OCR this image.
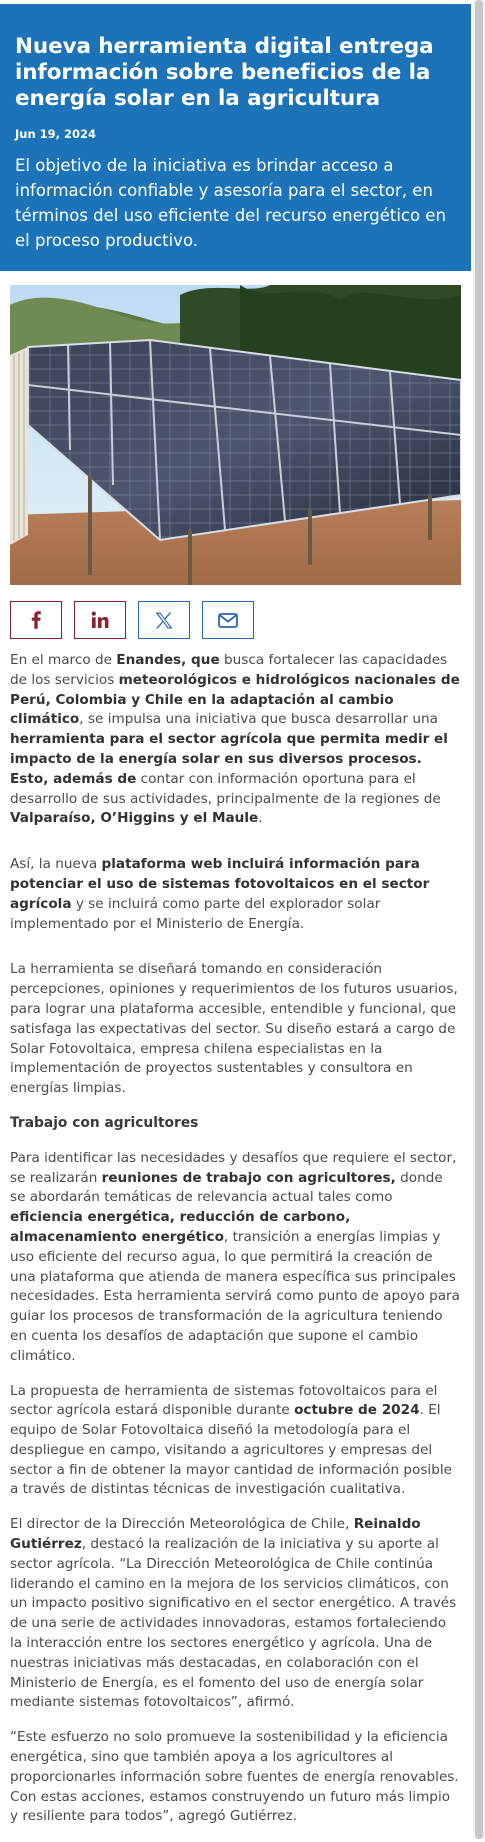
Nueva herramienta digital entrega información sobre beneficios de la energía solar en la agricultura
Jun 19, 2024
El objetivo de la iniciativa es brindar acceso a información confiable y asesoría para el sector, en términos del uso eficiente del recurso energético en el proceso productivo.

En el marco de Enandes, que busca fortalecer las capacidades de los servicios meteorológicos e hidrológicos nacionales de Perú, Colombia y Chile en la adaptación al cambio climático, se impulsa una iniciativa que busca desarrollar una herramienta para el sector agrícola que permita medir el impacto de la energía solar en sus diversos procesos. Esto, además de contar con información oportuna para el desarrollo de sus actividades, principalmente de la regiones de Valparaíso, O’Higgins y el Maule.

Así, la nueva plataforma web incluirá información para potenciar el uso de sistemas fotovoltaicos en el sector agrícola y se incluirá como parte del explorador solar implementado por el Ministerio de Energía.

La herramienta se diseñará tomando en consideración percepciones, opiniones y requerimientos de los futuros usuarios, para lograr una plataforma accesible, entendible y funcional, que satisfaga las expectativas del sector. Su diseño estará a cargo de Solar Fotovoltaica, empresa chilena especialistas en la implementación de proyectos sustentables y consultora en energías limpias.

Trabajo con agricultores

Para identificar las necesidades y desafíos que requiere el sector, se realizarán reuniones de trabajo con agricultores, donde se abordarán temáticas de relevancia actual tales como eficiencia energética, reducción de carbono, almacenamiento energético, transición a energías limpias y uso eficiente del recurso agua, lo que permitirá la creación de una plataforma que atienda de manera específica sus principales necesidades. Esta herramienta servirá como punto de apoyo para guiar los procesos de transformación de la agricultura teniendo en cuenta los desafíos de adaptación que supone el cambio climático.

La propuesta de herramienta de sistemas fotovoltaicos para el sector agrícola estará disponible durante octubre de 2024. El equipo de Solar Fotovoltaica diseñó la metodología para el despliegue en campo, visitando a agricultores y empresas del sector a fin de obtener la mayor cantidad de información posible a través de distintas técnicas de investigación cualitativa.

El director de la Dirección Meteorológica de Chile, Reinaldo Gutiérrez, destacó la realización de la iniciativa y su aporte al sector agrícola. “La Dirección Meteorológica de Chile continúa liderando el camino en la mejora de los servicios climáticos, con un impacto positivo significativo en el sector energético. A través de una serie de actividades innovadoras, estamos fortaleciendo la interacción entre los sectores energético y agrícola. Una de nuestras iniciativas más destacadas, en colaboración con el Ministerio de Energía, es el fomento del uso de energía solar mediante sistemas fotovoltaicos”, afirmó.

“Este esfuerzo no solo promueve la sostenibilidad y la eficiencia energética, sino que también apoya a los agricultores al proporcionarles información sobre fuentes de energía renovables. Con estas acciones, estamos construyendo un futuro más limpio y resiliente para todos”, agregó Gutiérrez.
